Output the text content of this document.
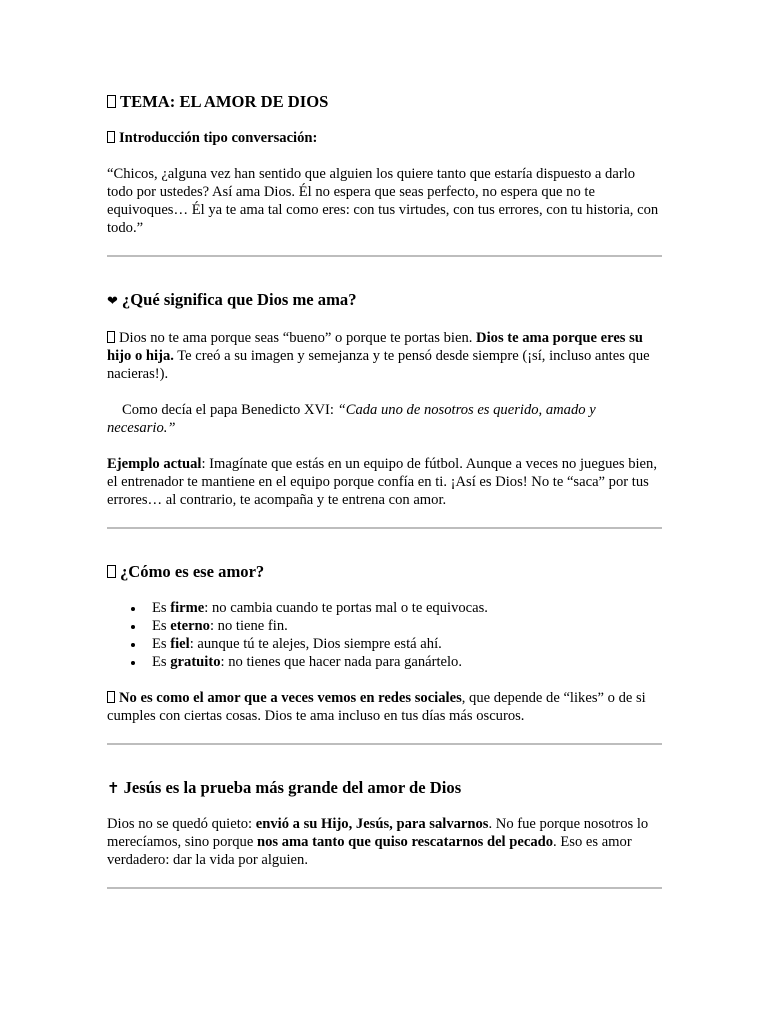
TEMA: EL AMOR DE DIOS

Introducción tipo conversación:

“Chicos, ¿alguna vez han sentido que alguien los quiere tanto que estaría dispuesto a darlo todo por ustedes? Así ama Dios. Él no espera que seas perfecto, no espera que no te equivoques… Él ya te ama tal como eres: con tus virtudes, con tus errores, con tu historia, con todo.”

❤ ¿Qué significa que Dios me ama?

Dios no te ama porque seas “bueno” o porque te portas bien. Dios te ama porque eres su hijo o hija. Te creó a su imagen y semejanza y te pensó desde siempre (¡sí, incluso antes que nacieras!).

Como decía el papa Benedicto XVI: “Cada uno de nosotros es querido, amado y necesario.”

Ejemplo actual: Imagínate que estás en un equipo de fútbol. Aunque a veces no juegues bien, el entrenador te mantiene en el equipo porque confía en ti. ¡Así es Dios! No te “saca” por tus errores… al contrario, te acompaña y te entrena con amor.

¿Cómo es ese amor?
Es firme: no cambia cuando te portas mal o te equivocas.
Es eterno: no tiene fin.
Es fiel: aunque tú te alejes, Dios siempre está ahí.
Es gratuito: no tienes que hacer nada para ganártelo.

No es como el amor que a veces vemos en redes sociales, que depende de “likes” o de si cumples con ciertas cosas. Dios te ama incluso en tus días más oscuros.

✝ Jesús es la prueba más grande del amor de Dios

Dios no se quedó quieto: envió a su Hijo, Jesús, para salvarnos. No fue porque nosotros lo merecíamos, sino porque nos ama tanto que quiso rescatarnos del pecado. Eso es amor verdadero: dar la vida por alguien.
